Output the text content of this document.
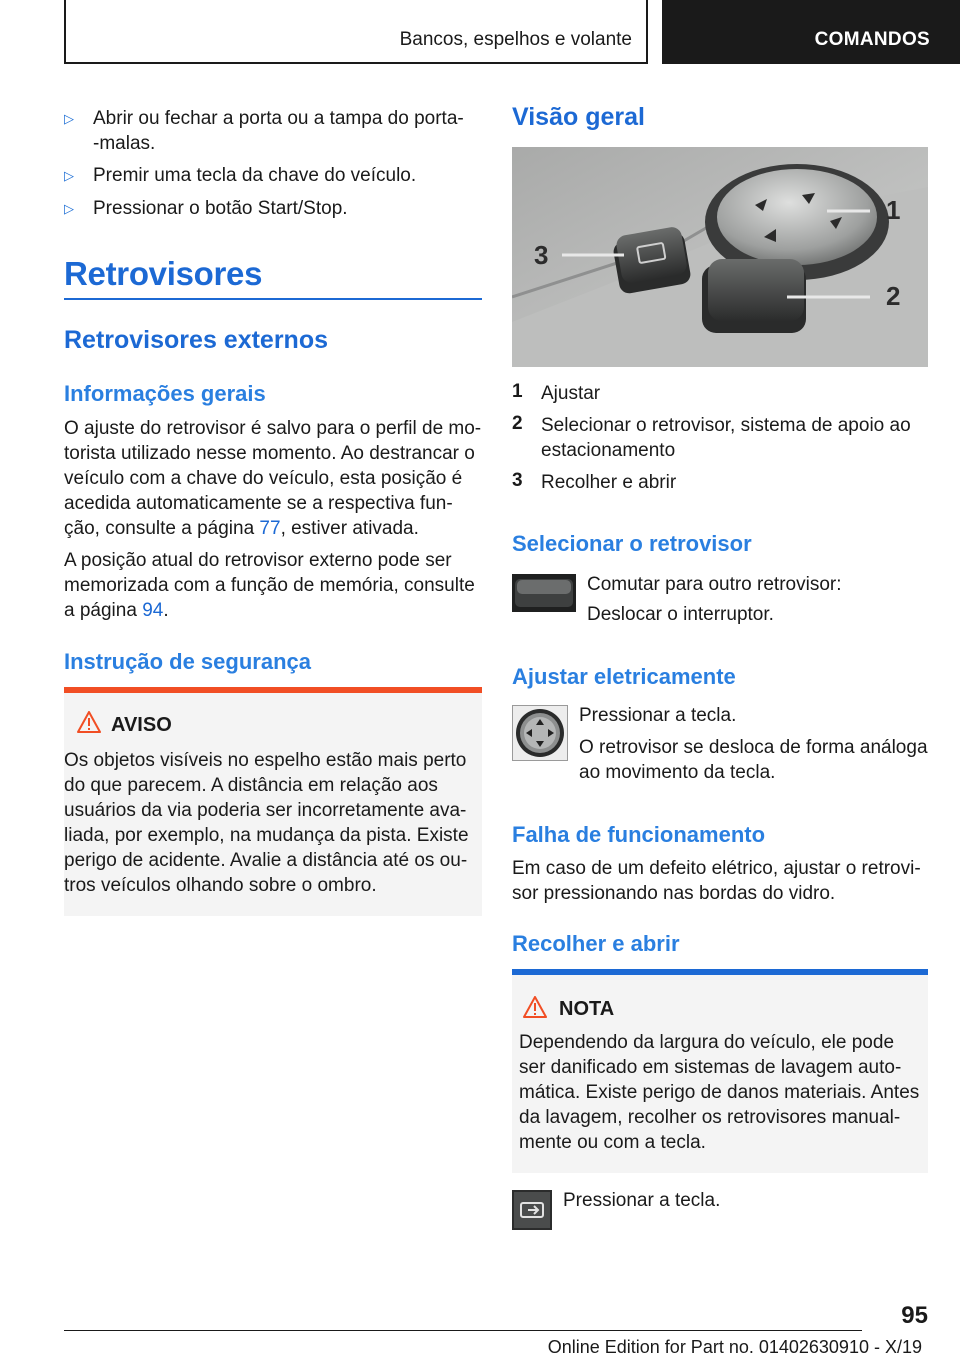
Bancos, espelhos e volante	COMANDOS
▷ Abrir ou fechar a porta ou a tampa do porta-
-malas.
▷ Premir uma tecla da chave do veículo.
▷ Pressionar o botão Start/Stop.
Retrovisores
Retrovisores externos
Informações gerais
O ajuste do retrovisor é salvo para o perfil de mo-
torista utilizado nesse momento. Ao destrancar o
veículo com a chave do veículo, esta posição é
acedida automaticamente se a respectiva fun-
ção, consulte a página 77, estiver ativada.
A posição atual do retrovisor externo pode ser
memorizada com a função de memória, consulte
a página 94.
Instrução de segurança
AVISO
Os objetos visíveis no espelho estão mais perto
do que parecem. A distância em relação aos
usuários da via poderia ser incorretamente ava-
liada, por exemplo, na mudança da pista. Existe
perigo de acidente. Avalie a distância até os ou-
tros veículos olhando sobre o ombro.
Visão geral
1
2
3
1 Ajustar
2 Selecionar o retrovisor, sistema de apoio ao
estacionamento
3 Recolher e abrir
Selecionar o retrovisor
Comutar para outro retrovisor:
Deslocar o interruptor.
Ajustar eletricamente
Pressionar a tecla.
O retrovisor se desloca de forma análoga
ao movimento da tecla.
Falha de funcionamento
Em caso de um defeito elétrico, ajustar o retrovi-
sor pressionando nas bordas do vidro.
Recolher e abrir
NOTA
Dependendo da largura do veículo, ele pode
ser danificado em sistemas de lavagem auto-
mática. Existe perigo de danos materiais. Antes
da lavagem, recolher os retrovisores manual-
mente ou com a tecla.
Pressionar a tecla.
95
Online Edition for Part no. 01402630910 - X/19
